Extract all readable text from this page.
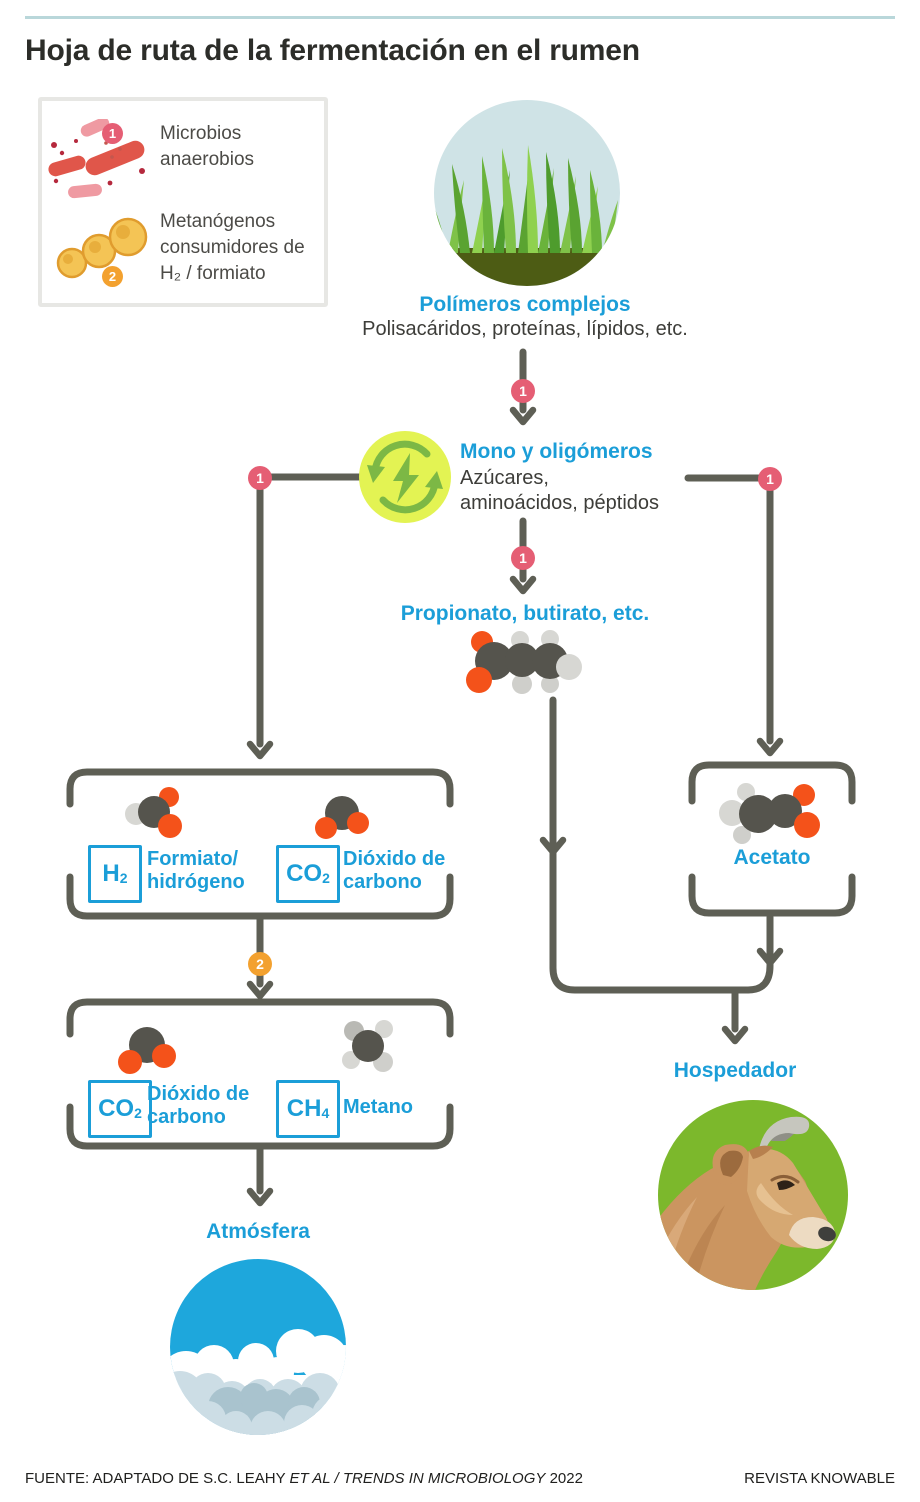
Hoja de ruta de la fermentación en el rumen
1	Microbios anaerobios
2
Metanógenos consumidores de H₂ / formiato
Polímeros complejos
Polisacáridos, proteínas, lípidos, etc.
1
1	1
1
2
Mono y oligómeros
Azúcares,
aminoácidos, péptidos
Propionato, butirato, etc.
H 2
Formiato/ hidrógeno	CO 2
Dióxido de carbono
CO 2
Dióxido de carbono	CH 4 Metano
Acetato
Hospedador
Atmósfera
FUENTE: ADAPTADO DE S.C. LEAHY ET AL / TRENDS IN MICROBIOLOGY 2022	REVISTA KNOWABLE
